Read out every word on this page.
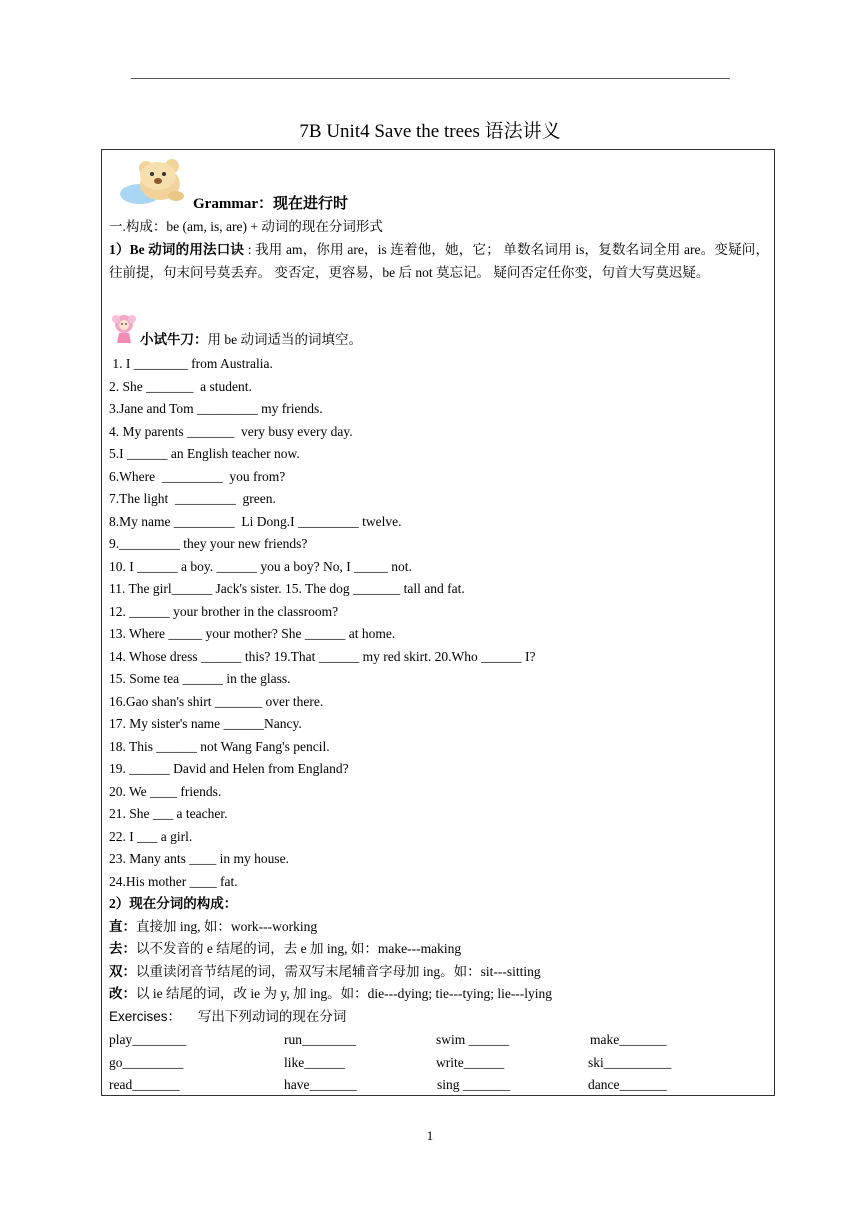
7B Unit4 Save the trees 语法讲义
Grammar：现在进行时
一.构成：be (am, is, are) + 动词的现在分词形式
1）Be 动词的用法口诀 : 我用 am，你用 are，is 连着他，她，它； 单数名词用 is，复数名词全用 are。变疑问，往前提，句末问号莫丢弃。 变否定，更容易，be 后 not 莫忘记。 疑问否定任你变，句首大写莫迟疑。
小试牛刀：用 be 动词适当的词填空。
1. I ________ from Australia.
2. She _______  a student.
3.Jane and Tom _________ my friends.
4. My parents _______  very busy every day.
5.I ______ an English teacher now.
6.Where  _________  you from?
7.The light  _________  green.
8.My name _________  Li Dong.I _________ twelve.
9._________ they your new friends?
10. I ______ a boy. ______ you a boy? No, I _____ not.
11. The girl______ Jack's sister. 15. The dog _______ tall and fat.
12. ______ your brother in the classroom?
13. Where _____ your mother? She ______ at home.
14. Whose dress ______ this? 19.That ______ my red skirt. 20.Who ______ I?
15. Some tea ______ in the glass.
16.Gao shan's shirt _______ over there.
17. My sister's name ______Nancy.
18. This ______ not Wang Fang's pencil.
19. ______ David and Helen from England?
20. We ____ friends.
21. She ___ a teacher.
22. I ___ a girl.
23. Many ants ____ in my house.
24.His mother ____ fat.
2）现在分词的构成：
直：直接加 ing, 如：work---working
去：以不发音的 e 结尾的词，去 e 加 ing, 如：make---making
双：以重读闭音节结尾的词，需双写末尾辅音字母加 ing。如：sit---sitting
改：以 ie 结尾的词，改 ie 为 y, 加 ing。如：die---dying; tie---tying; lie---lying
Exercises： 写出下列动词的现在分词
play________	run________	swim ______	make_______
go_________	like______	write______	ski__________
read_______	have_______	sing _______	dance_______
1
